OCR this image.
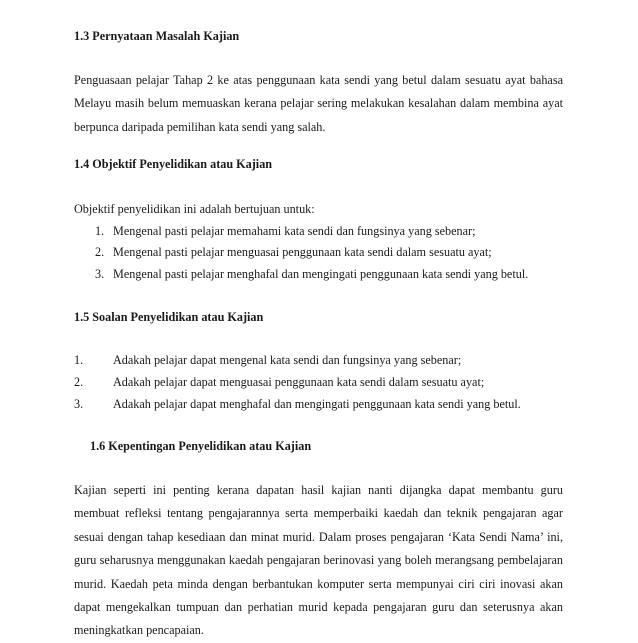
1.3 Pernyataan Masalah Kajian
Penguasaan pelajar Tahap 2 ke atas penggunaan kata sendi yang betul dalam sesuatu ayat bahasa Melayu masih belum memuaskan kerana pelajar sering melakukan kesalahan dalam membina ayat berpunca daripada pemilihan kata sendi yang salah.
1.4 Objektif Penyelidikan atau Kajian
Objektif penyelidikan ini adalah bertujuan untuk:
1. Mengenal pasti pelajar memahami kata sendi dan fungsinya yang sebenar;
2. Mengenal pasti pelajar menguasai penggunaan kata sendi dalam sesuatu ayat;
3. Mengenal pasti pelajar menghafal dan mengingati penggunaan kata sendi yang betul.
1.5 Soalan Penyelidikan atau Kajian
1. Adakah pelajar dapat mengenal kata sendi dan fungsinya yang sebenar;
2. Adakah pelajar dapat menguasai penggunaan kata sendi dalam sesuatu ayat;
3. Adakah pelajar dapat menghafal dan mengingati penggunaan kata sendi yang betul.
1.6 Kepentingan Penyelidikan atau Kajian
Kajian seperti ini penting kerana dapatan hasil kajian nanti dijangka dapat membantu guru membuat refleksi tentang pengajarannya serta memperbaiki kaedah dan teknik pengajaran agar sesuai dengan tahap kesediaan dan minat murid. Dalam proses pengajaran ‘Kata Sendi Nama’ ini, guru seharusnya menggunakan kaedah pengajaran berinovasi yang boleh merangsang pembelajaran murid. Kaedah peta minda dengan berbantukan komputer serta mempunyai ciri ciri inovasi akan dapat mengekalkan tumpuan dan perhatian murid kepada pengajaran guru dan seterusnya akan meningkatkan pencapaian.
